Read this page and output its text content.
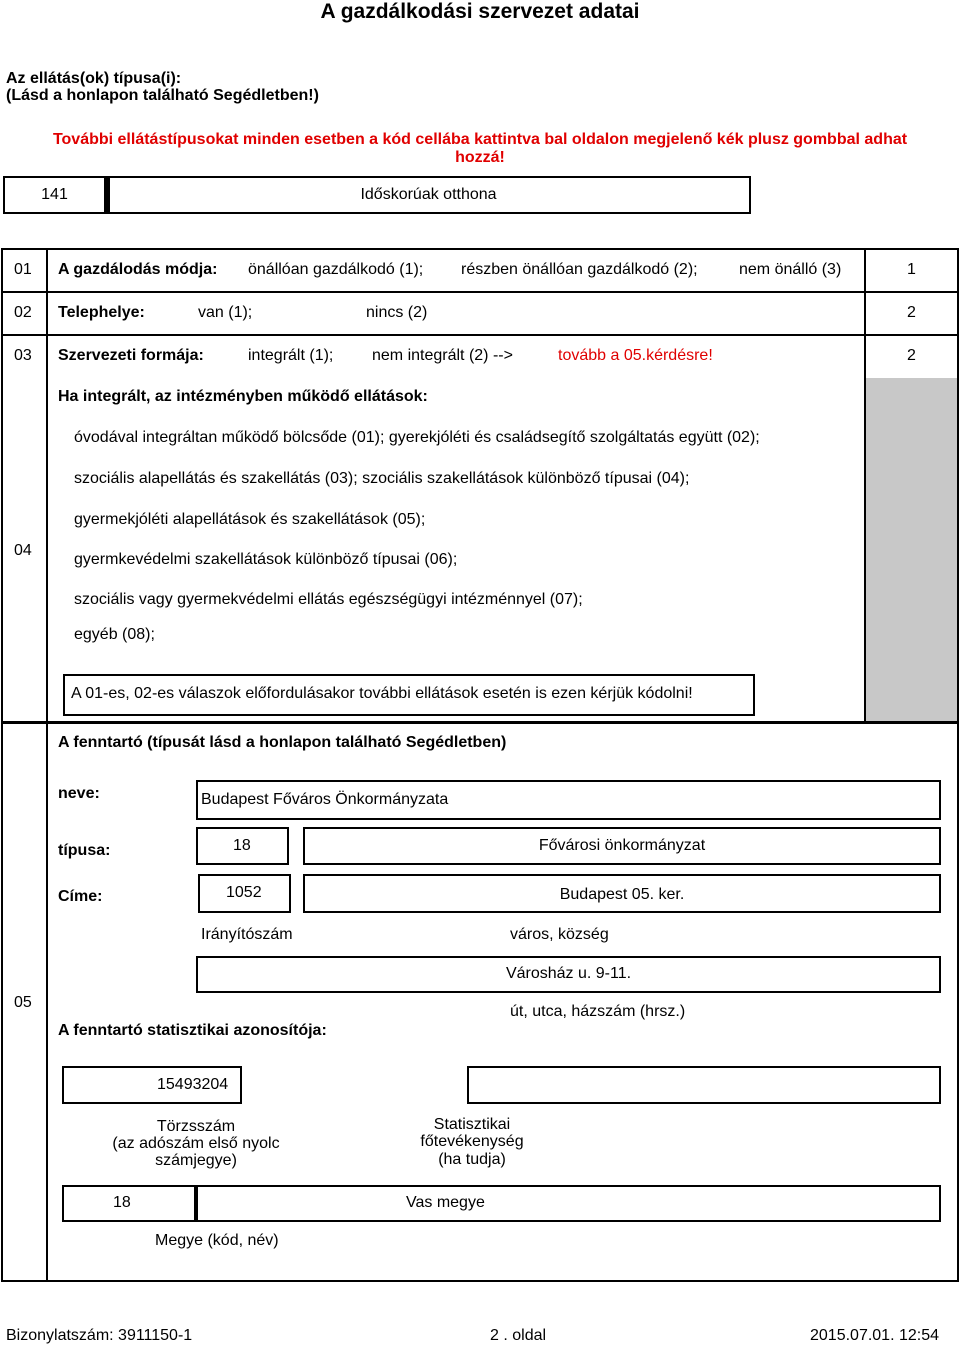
A gazdálkodási szervezet adatai
Az ellátás(ok) típusa(i):
(Lásd a honlapon található Segédletben!)
További ellátástípusokat minden esetben a kód cellába kattintva bal oldalon megjelenő kék plusz gombbal adhat
hozzá!
141	Időskorúak otthona
01 A gazdálodás módja: önállóan gazdálkodó (1); részben önállóan gazdálkodó (2);	nem önálló (3)	1
02 Telephelye:	van (1);	nincs (2)	2
03 Szervezeti formája:	integrált (1); nem integrált (2) -->	tovább a 05.kérdésre!	2
Ha integrált, az intézményben működő ellátások:
óvodával integráltan működő bölcsőde (01); gyerekjóléti és családsegítő szolgáltatás együtt (02);
szociális alapellátás és szakellátás (03); szociális szakellátások különböző típusai (04);
gyermekjóléti alapellátások és szakellátások (05);
gyermkevédelmi szakellátások különböző típusai (06);
szociális vagy gyermekvédelmi ellátás egészségügyi intézménnyel (07);
egyéb (08);
04
A 01-es, 02-es válaszok előfordulásakor további ellátások esetén is ezen kérjük kódolni!
05
A fenntartó (típusát lásd a honlapon található Segédletben)
neve:	Budapest Főváros Önkormányzata
típusa:	18	Fővárosi önkormányzat
Címe:	1052	Budapest 05. ker.
Irányítószám	város, község
Városház u. 9-11.
út, utca, házszám (hrsz.)
A fenntartó statisztikai azonosítója:
15493204
Törzsszám
(az adószám első nyolc
számjegye)
Statisztikai
főtevékenység
(ha tudja)
18	Vas megye
Megye (kód, név)
Bizonylatszám: 3911150-1	2 . oldal	2015.07.01. 12:54
